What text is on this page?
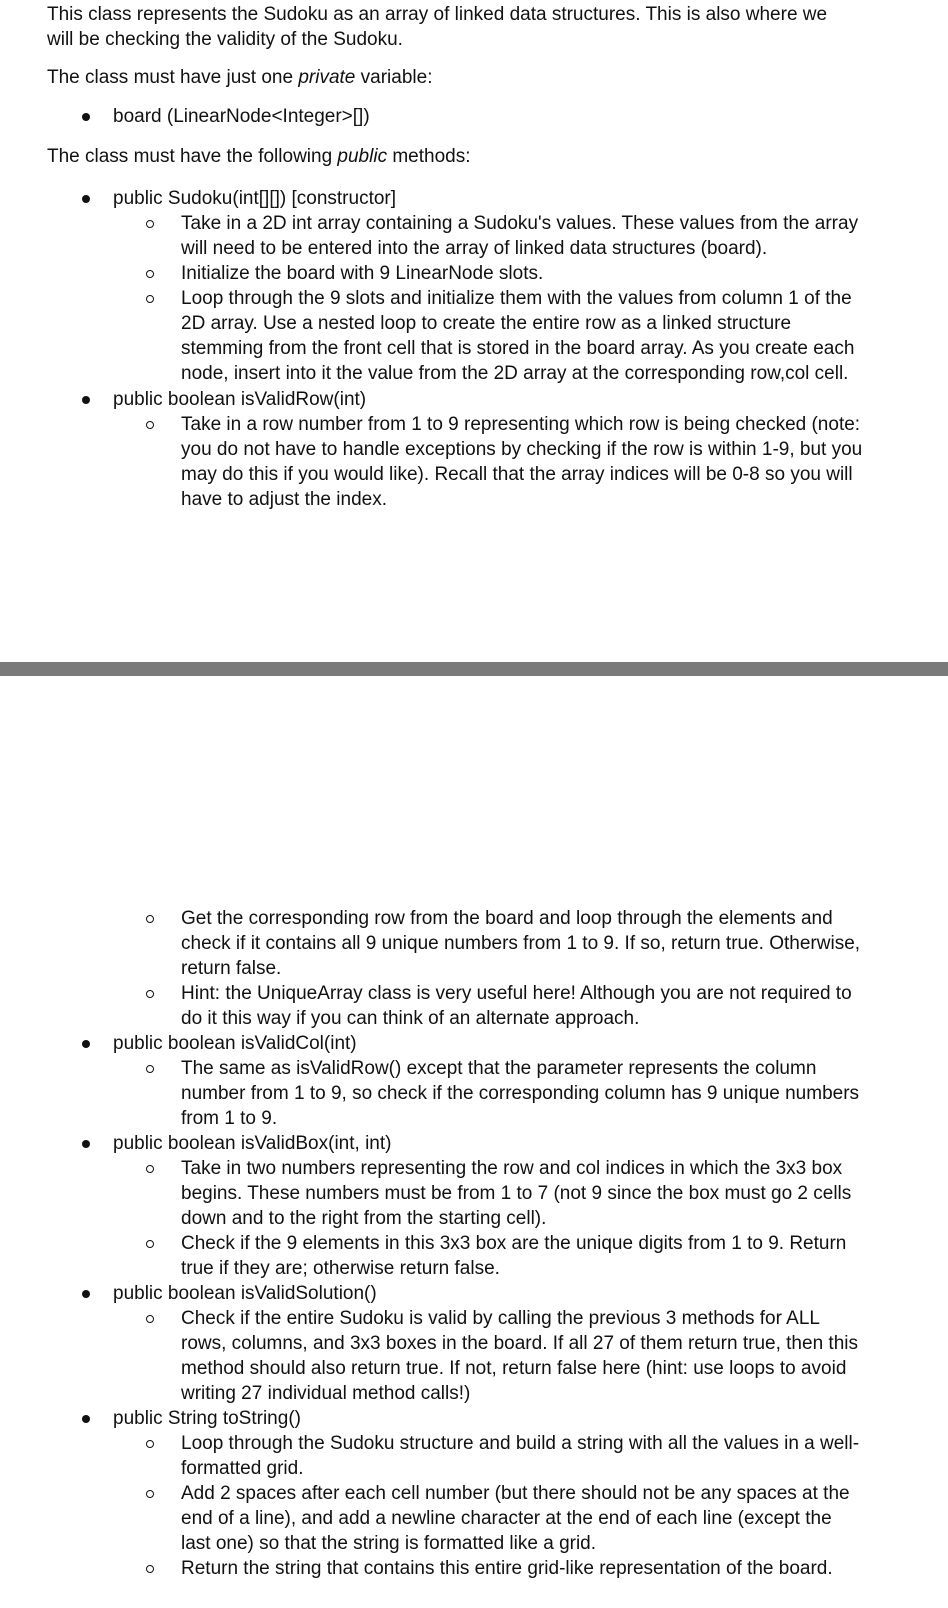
This class represents the Sudoku as an array of linked data structures. This is also where we
will be checking the validity of the Sudoku.
The class must have just one private variable:
board (LinearNode<Integer>[])
The class must have the following public methods:
public Sudoku(int[][]) [constructor]
Take in a 2D int array containing a Sudoku's values. These values from the array
will need to be entered into the array of linked data structures (board).
Initialize the board with 9 LinearNode slots.
Loop through the 9 slots and initialize them with the values from column 1 of the
2D array. Use a nested loop to create the entire row as a linked structure
stemming from the front cell that is stored in the board array. As you create each
node, insert into it the value from the 2D array at the corresponding row,col cell.
public boolean isValidRow(int)
Take in a row number from 1 to 9 representing which row is being checked (note:
you do not have to handle exceptions by checking if the row is within 1-9, but you
may do this if you would like). Recall that the array indices will be 0-8 so you will
have to adjust the index.
Get the corresponding row from the board and loop through the elements and
check if it contains all 9 unique numbers from 1 to 9. If so, return true. Otherwise,
return false.
Hint: the UniqueArray class is very useful here! Although you are not required to
do it this way if you can think of an alternate approach.
public boolean isValidCol(int)
The same as isValidRow() except that the parameter represents the column
number from 1 to 9, so check if the corresponding column has 9 unique numbers
from 1 to 9.
public boolean isValidBox(int, int)
Take in two numbers representing the row and col indices in which the 3x3 box
begins. These numbers must be from 1 to 7 (not 9 since the box must go 2 cells
down and to the right from the starting cell).
Check if the 9 elements in this 3x3 box are the unique digits from 1 to 9. Return
true if they are; otherwise return false.
public boolean isValidSolution()
Check if the entire Sudoku is valid by calling the previous 3 methods for ALL
rows, columns, and 3x3 boxes in the board. If all 27 of them return true, then this
method should also return true. If not, return false here (hint: use loops to avoid
writing 27 individual method calls!)
public String toString()
Loop through the Sudoku structure and build a string with all the values in a well-
formatted grid.
Add 2 spaces after each cell number (but there should not be any spaces at the
end of a line), and add a newline character at the end of each line (except the
last one) so that the string is formatted like a grid.
Return the string that contains this entire grid-like representation of the board.
